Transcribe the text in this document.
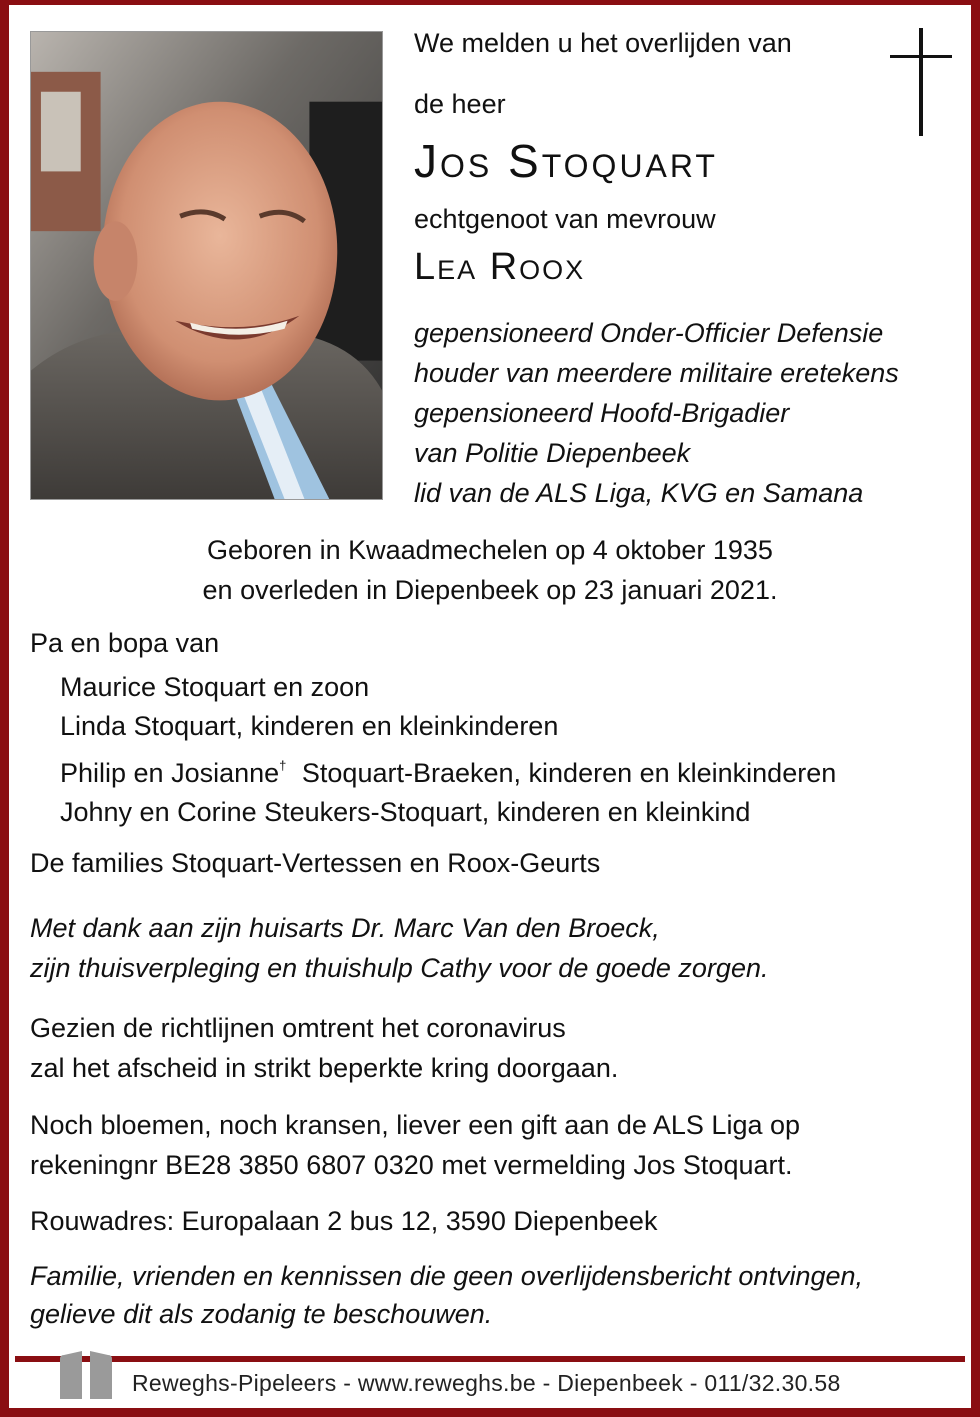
We melden u het overlijden van
de heer
Jos Stoquart
echtgenoot van mevrouw
Lea Roox
gepensioneerd Onder-Officier Defensie
houder van meerdere militaire eretekens
gepensioneerd Hoofd-Brigadier
van Politie Diepenbeek
lid van de ALS Liga, KVG en Samana
Geboren in Kwaadmechelen op 4 oktober 1935
en overleden in Diepenbeek op 23 januari 2021.
Pa en bopa van
Maurice Stoquart en zoon
Linda Stoquart, kinderen en kleinkinderen
Philip en Josianne† Stoquart-Braeken, kinderen en kleinkinderen
Johny en Corine Steukers-Stoquart, kinderen en kleinkind
De families Stoquart-Vertessen en Roox-Geurts
Met dank aan zijn huisarts Dr. Marc Van den Broeck,
zijn thuisverpleging en thuishulp Cathy voor de goede zorgen.
Gezien de richtlijnen omtrent het coronavirus
zal het afscheid in strikt beperkte kring doorgaan.
Noch bloemen, noch kransen, liever een gift aan de ALS Liga op
rekeningnr BE28 3850 6807 0320 met vermelding Jos Stoquart.
Rouwadres: Europalaan 2 bus 12, 3590 Diepenbeek
Familie, vrienden en kennissen die geen overlijdensbericht ontvingen,
gelieve dit als zodanig te beschouwen.
Reweghs-Pipeleers - www.reweghs.be - Diepenbeek - 011/32.30.58
